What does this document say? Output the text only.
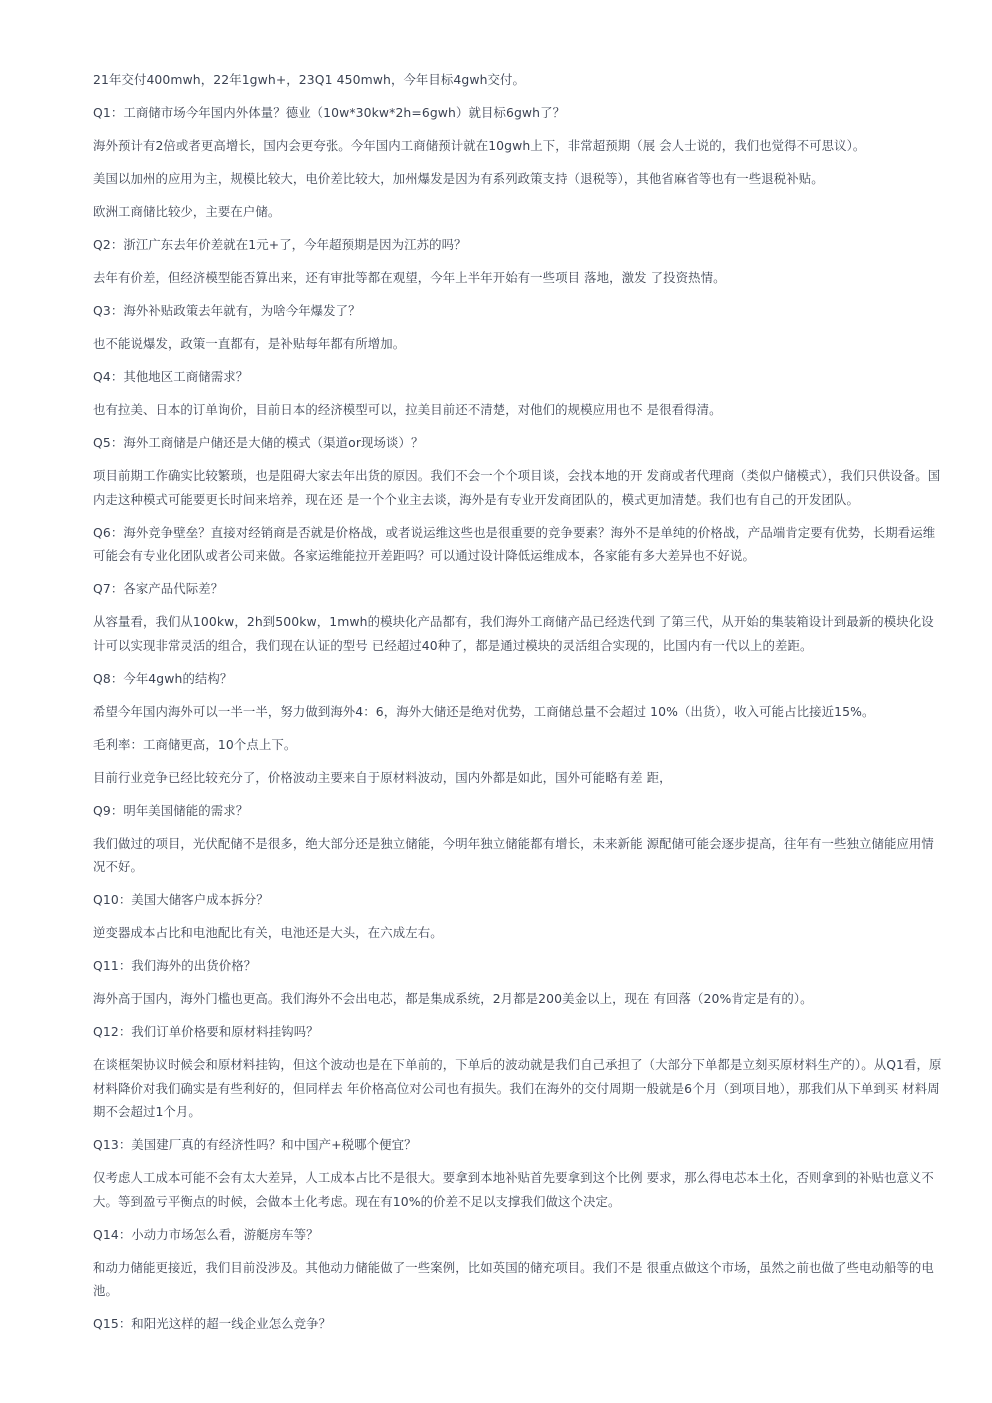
21年交付400mwh，22年1gwh+，23Q1 450mwh，今年目标4gwh交付。

Q1：工商储市场今年国内外体量？德业（10w*30kw*2h=6gwh）就目标6gwh了？

海外预计有2倍或者更高增长，国内会更夸张。今年国内工商储预计就在10gwh上下，非常超预期（展 会人士说的，我们也觉得不可思议）。

美国以加州的应用为主，规模比较大，电价差比较大，加州爆发是因为有系列政策支持（退税等），其他省麻省等也有一些退税补贴。

欧洲工商储比较少，主要在户储。

Q2：浙江广东去年价差就在1元+了，今年超预期是因为江苏的吗？

去年有价差，但经济模型能否算出来，还有审批等都在观望，今年上半年开始有一些项目 落地，激发 了投资热情。

Q3：海外补贴政策去年就有，为啥今年爆发了？

也不能说爆发，政策一直都有，是补贴每年都有所增加。

Q4：其他地区工商储需求？

也有拉美、日本的订单询价，目前日本的经济模型可以，拉美目前还不清楚，对他们的规模应用也不 是很看得清。

Q5：海外工商储是户储还是大储的模式（渠道or现场谈）？

项目前期工作确实比较繁琐，也是阻碍大家去年出货的原因。我们不会一个个项目谈，会找本地的开 发商或者代理商（类似户储模式），我们只供设备。国内走这种模式可能要更长时间来培养，现在还 是一个个业主去谈，海外是有专业开发商团队的，模式更加清楚。我们也有自己的开发团队。

Q6：海外竞争壁垒？直接对经销商是否就是价格战，或者说运维这些也是很重要的竞争要素？海外不是单纯的价格战，产品端肯定要有优势，长期看运维可能会有专业化团队或者公司来做。各家运维能拉开差距吗？可以通过设计降低运维成本，各家能有多大差异也不好说。

Q7：各家产品代际差？

从容量看，我们从100kw，2h到500kw，1mwh的模块化产品都有，我们海外工商储产品已经迭代到 了第三代，从开始的集装箱设计到最新的模块化设计可以实现非常灵活的组合，我们现在认证的型号 已经超过40种了，都是通过模块的灵活组合实现的，比国内有一代以上的差距。

Q8：今年4gwh的结构？

希望今年国内海外可以一半一半，努力做到海外4：6，海外大储还是绝对优势，工商储总量不会超过 10%（出货），收入可能占比接近15%。

毛利率：工商储更高，10个点上下。

目前行业竞争已经比较充分了，价格波动主要来自于原材料波动，国内外都是如此，国外可能略有差 距，

Q9：明年美国储能的需求？

我们做过的项目，光伏配储不是很多，绝大部分还是独立储能，今明年独立储能都有增长，未来新能 源配储可能会逐步提高，往年有一些独立储能应用情况不好。

Q10：美国大储客户成本拆分？

逆变器成本占比和电池配比有关，电池还是大头，在六成左右。

Q11：我们海外的出货价格？

海外高于国内，海外门槛也更高。我们海外不会出电芯，都是集成系统，2月都是200美金以上，现在 有回落（20%肯定是有的）。

Q12：我们订单价格要和原材料挂钩吗？

在谈框架协议时候会和原材料挂钩，但这个波动也是在下单前的，下单后的波动就是我们自己承担了（大部分下单都是立刻买原材料生产的）。从Q1看，原材料降价对我们确实是有些利好的，但同样去 年价格高位对公司也有损失。我们在海外的交付周期一般就是6个月（到项目地），那我们从下单到买 材料周期不会超过1个月。

Q13：美国建厂真的有经济性吗？和中国产+税哪个便宜？

仅考虑人工成本可能不会有太大差异，人工成本占比不是很大。要拿到本地补贴首先要拿到这个比例 要求，那么得电芯本土化，否则拿到的补贴也意义不大。等到盈亏平衡点的时候，会做本土化考虑。现在有10%的价差不足以支撑我们做这个决定。

Q14：小动力市场怎么看，游艇房车等？

和动力储能更接近，我们目前没涉及。其他动力储能做了一些案例，比如英国的储充项目。我们不是 很重点做这个市场，虽然之前也做了些电动船等的电池。

Q15：和阳光这样的超一线企业怎么竞争？
